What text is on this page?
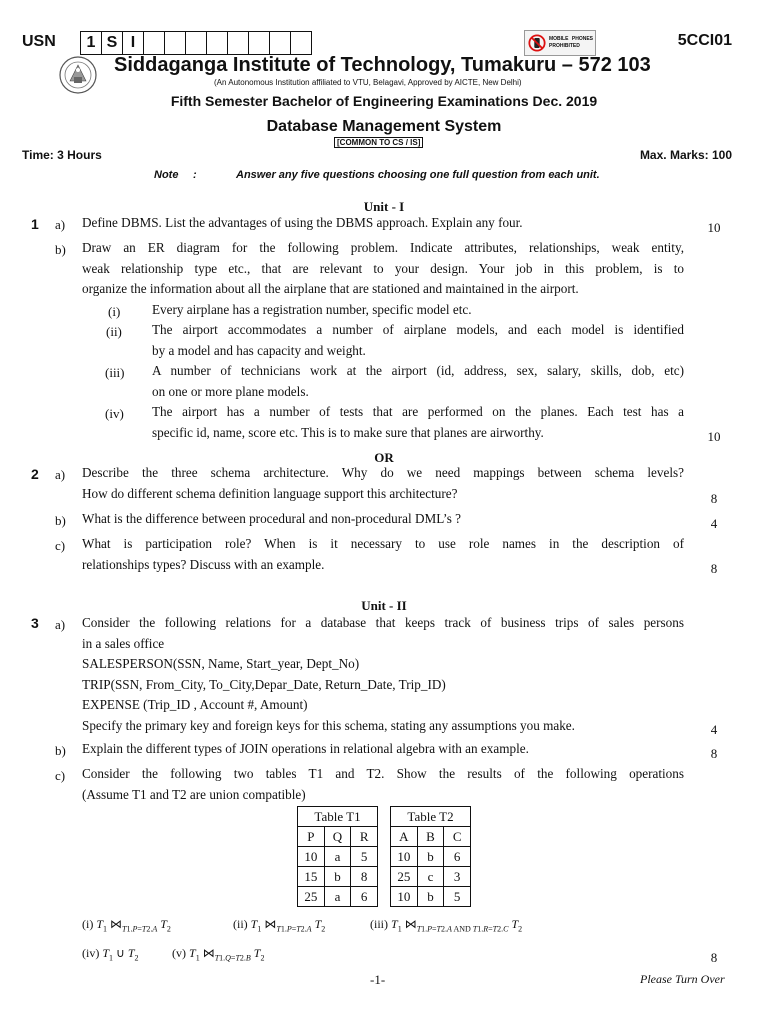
USN	1 S I	MOBILE PHONES
PROHIBITED	5CCI01
Siddaganga Institute of Technology, Tumakuru – 572 103
(An Autonomous Institution affiliated to VTU, Belagavi, Approved by AICTE, New Delhi)
Fifth Semester Bachelor of Engineering Examinations Dec. 2019
Database Management System
[COMMON TO CS / IS]
Time: 3 Hours	Max. Marks: 100
Note :	Answer any five questions choosing one full question from each unit.
Unit - I
1 a) Define DBMS. List the advantages of using the DBMS approach. Explain any four.	10
b) Draw an ER diagram for the following problem. Indicate attributes, relationships, weak entity,
weak relationship type etc., that are relevant to your design. Your job in this problem, is to
organize the information about all the airplane that are stationed and maintained in the airport.
(i) Every airplane has a registration number, specific model etc.
(ii) The airport accommodates a number of airplane models, and each model is identified
by a model and has capacity and weight.
(iii) A number of technicians work at the airport (id, address, sex, salary, skills, dob, etc)
on one or more plane models.
(iv) The airport has a number of tests that are performed on the planes. Each test has a
specific id, name, score etc. This is to make sure that planes are airworthy.	10
OR
2 a) Describe the three schema architecture. Why do we need mappings between schema levels?
How do different schema definition language support this architecture?	8
b) What is the difference between procedural and non-procedural DML’s ?	4
c) What is participation role? When is it necessary to use role names in the description of
relationships types? Discuss with an example.	8
Unit - II
3 a) Consider the following relations for a database that keeps track of business trips of sales persons
in a sales office
SALESPERSON(SSN, Name, Start_year, Dept_No)
TRIP(SSN, From_City, To_City,Depar_Date, Return_Date, Trip_ID)
EXPENSE (Trip_ID , Account #, Amount)
Specify the primary key and foreign keys for this schema, stating any assumptions you make.	4
b) Explain the different types of JOIN operations in relational algebra with an example.	8
c) Consider the following two tables T1 and T2. Show the results of the following operations
(Assume T1 and T2 are union compatible)
Table T1		
P	Q	R
10	a	5
15	b	8
25	a	6
Table T2		
A	B	C
10	b	6
25	c	3
10	b	5
(i) $T_1$ $⋈_{T1.P=T2.A}$ $T_2$	(ii) $T_1$ $⋈_{T1.P=T2.A}$ $T_2$	(iii) $T_1$ $⋈_{T1.P=T2.A AND T1.R=T2.C}$ $T_2$
(iv) $T_1$ ∪ $T_2$	(v) $T_1$ $⋈_{T1.Q=T2.B}$ $T_2$	8
-1-	Please Turn Over
